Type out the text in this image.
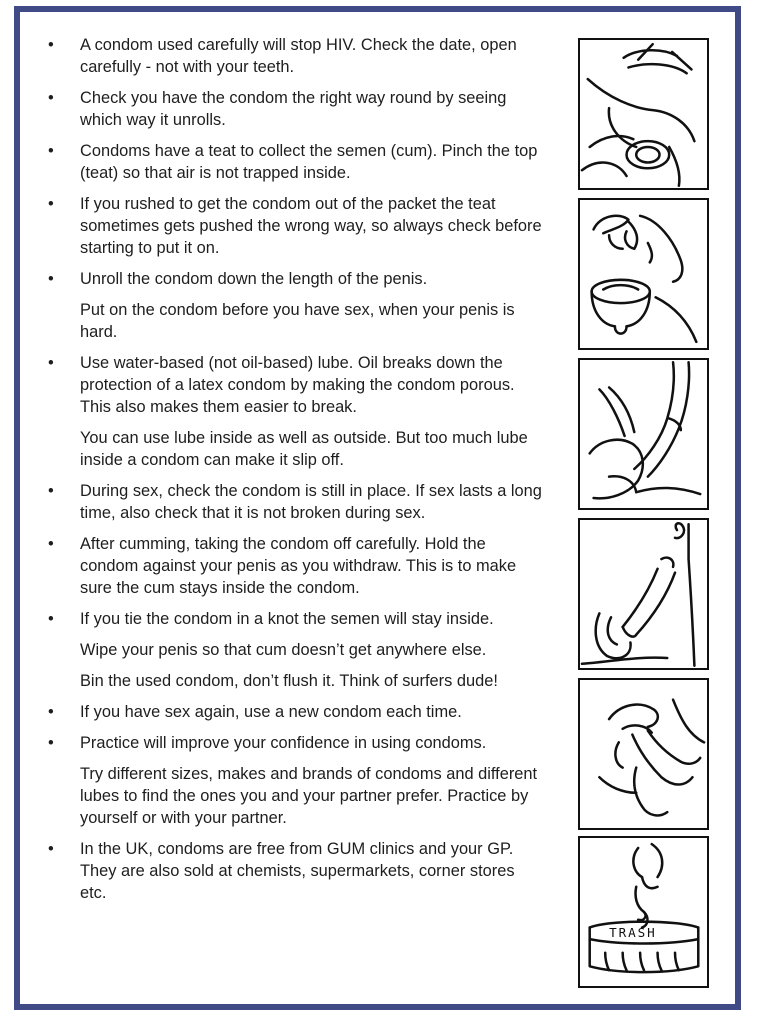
• A condom used carefully will stop HIV. Check the date, open carefully - not with your teeth.

• Check you have the condom the right way round by seeing which way it unrolls.

• Condoms have a teat to collect the semen (cum). Pinch the top (teat) so that air is not trapped inside.

• If you rushed to get the condom out of the packet the teat sometimes gets pushed the wrong way, so always check before starting to put it on.

• Unroll the condom down the length of the penis.

Put on the condom before you have sex, when your penis is hard.

• Use water-based (not oil-based) lube. Oil breaks down the protection of a latex condom by making the condom porous. This also makes them easier to break.

You can use lube inside as well as outside. But too much lube inside a condom can make it slip off.

• During sex, check the condom is still in place. If sex lasts a long time, also check that it is not broken during sex.

• After cumming, taking the condom off carefully. Hold the condom against your penis as you withdraw. This is to make sure the cum stays inside the condom.

• If you tie the condom in a knot the semen will stay inside.

Wipe your penis so that cum doesn’t get anywhere else.

Bin the used condom, don’t flush it. Think of surfers dude!

• If you have sex again, use a new condom each time.

• Practice will improve your confidence in using condoms.

Try different sizes, makes and brands of condoms and different lubes to find the ones you and your partner prefer. Practice by yourself or with your partner.

• In the UK, condoms are free from GUM clinics and your GP. They are also sold at chemists, supermarkets, corner stores etc.

TRASH
